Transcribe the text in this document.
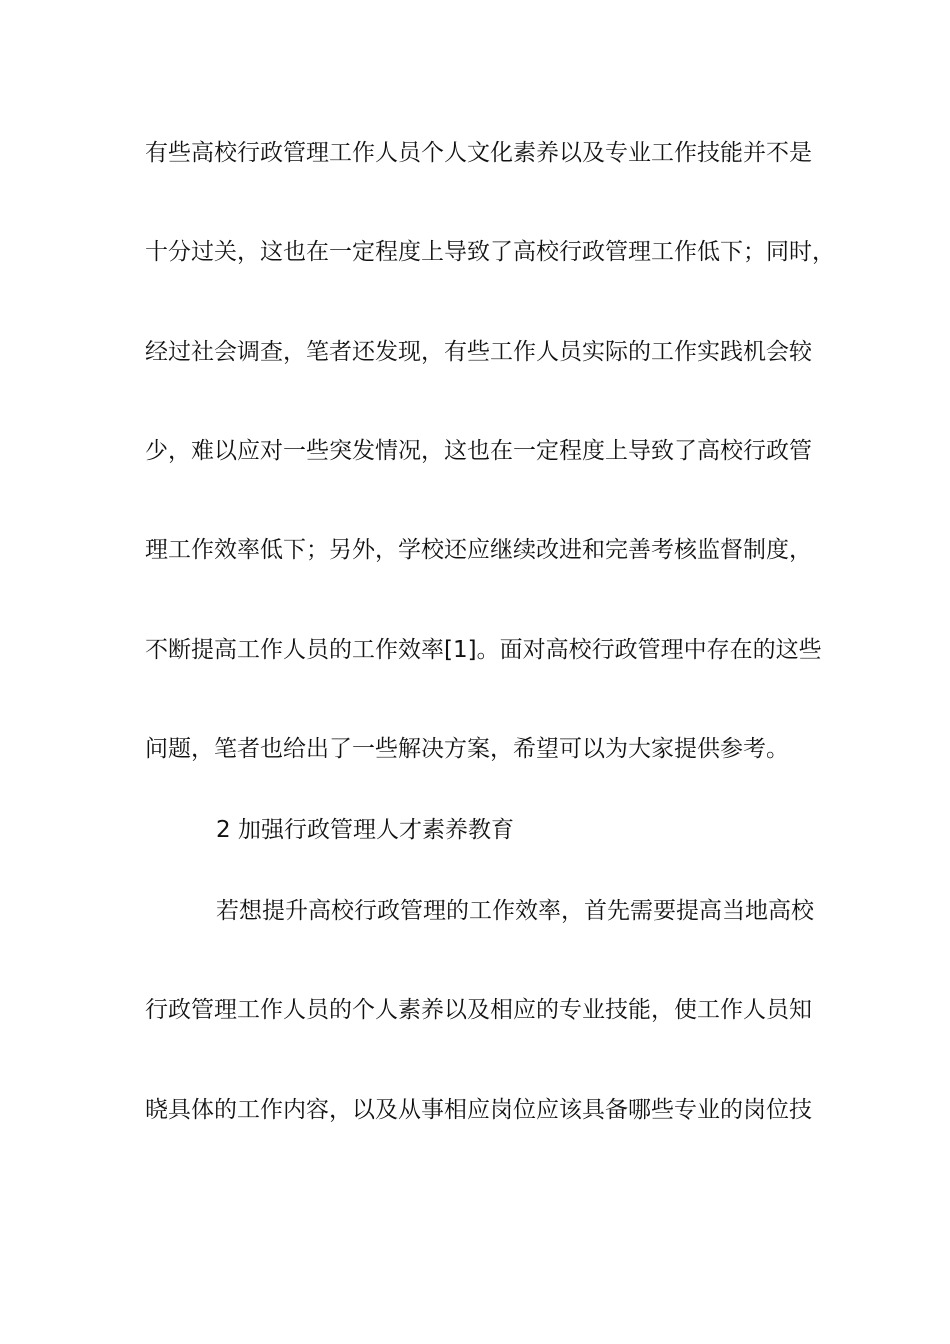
有些高校行政管理工作人员个人文化素养以及专业工作技能并不是
十分过关，这也在一定程度上导致了高校行政管理工作低下；同时，
经过社会调查，笔者还发现，有些工作人员实际的工作实践机会较
少，难以应对一些突发情况，这也在一定程度上导致了高校行政管
理工作效率低下；另外，学校还应继续改进和完善考核监督制度，
不断提高工作人员的工作效率[1]。面对高校行政管理中存在的这些
问题，笔者也给出了一些解决方案，希望可以为大家提供参考。
2 加强行政管理人才素养教育
若想提升高校行政管理的工作效率，首先需要提高当地高校
行政管理工作人员的个人素养以及相应的专业技能，使工作人员知
晓具体的工作内容，以及从事相应岗位应该具备哪些专业的岗位技
